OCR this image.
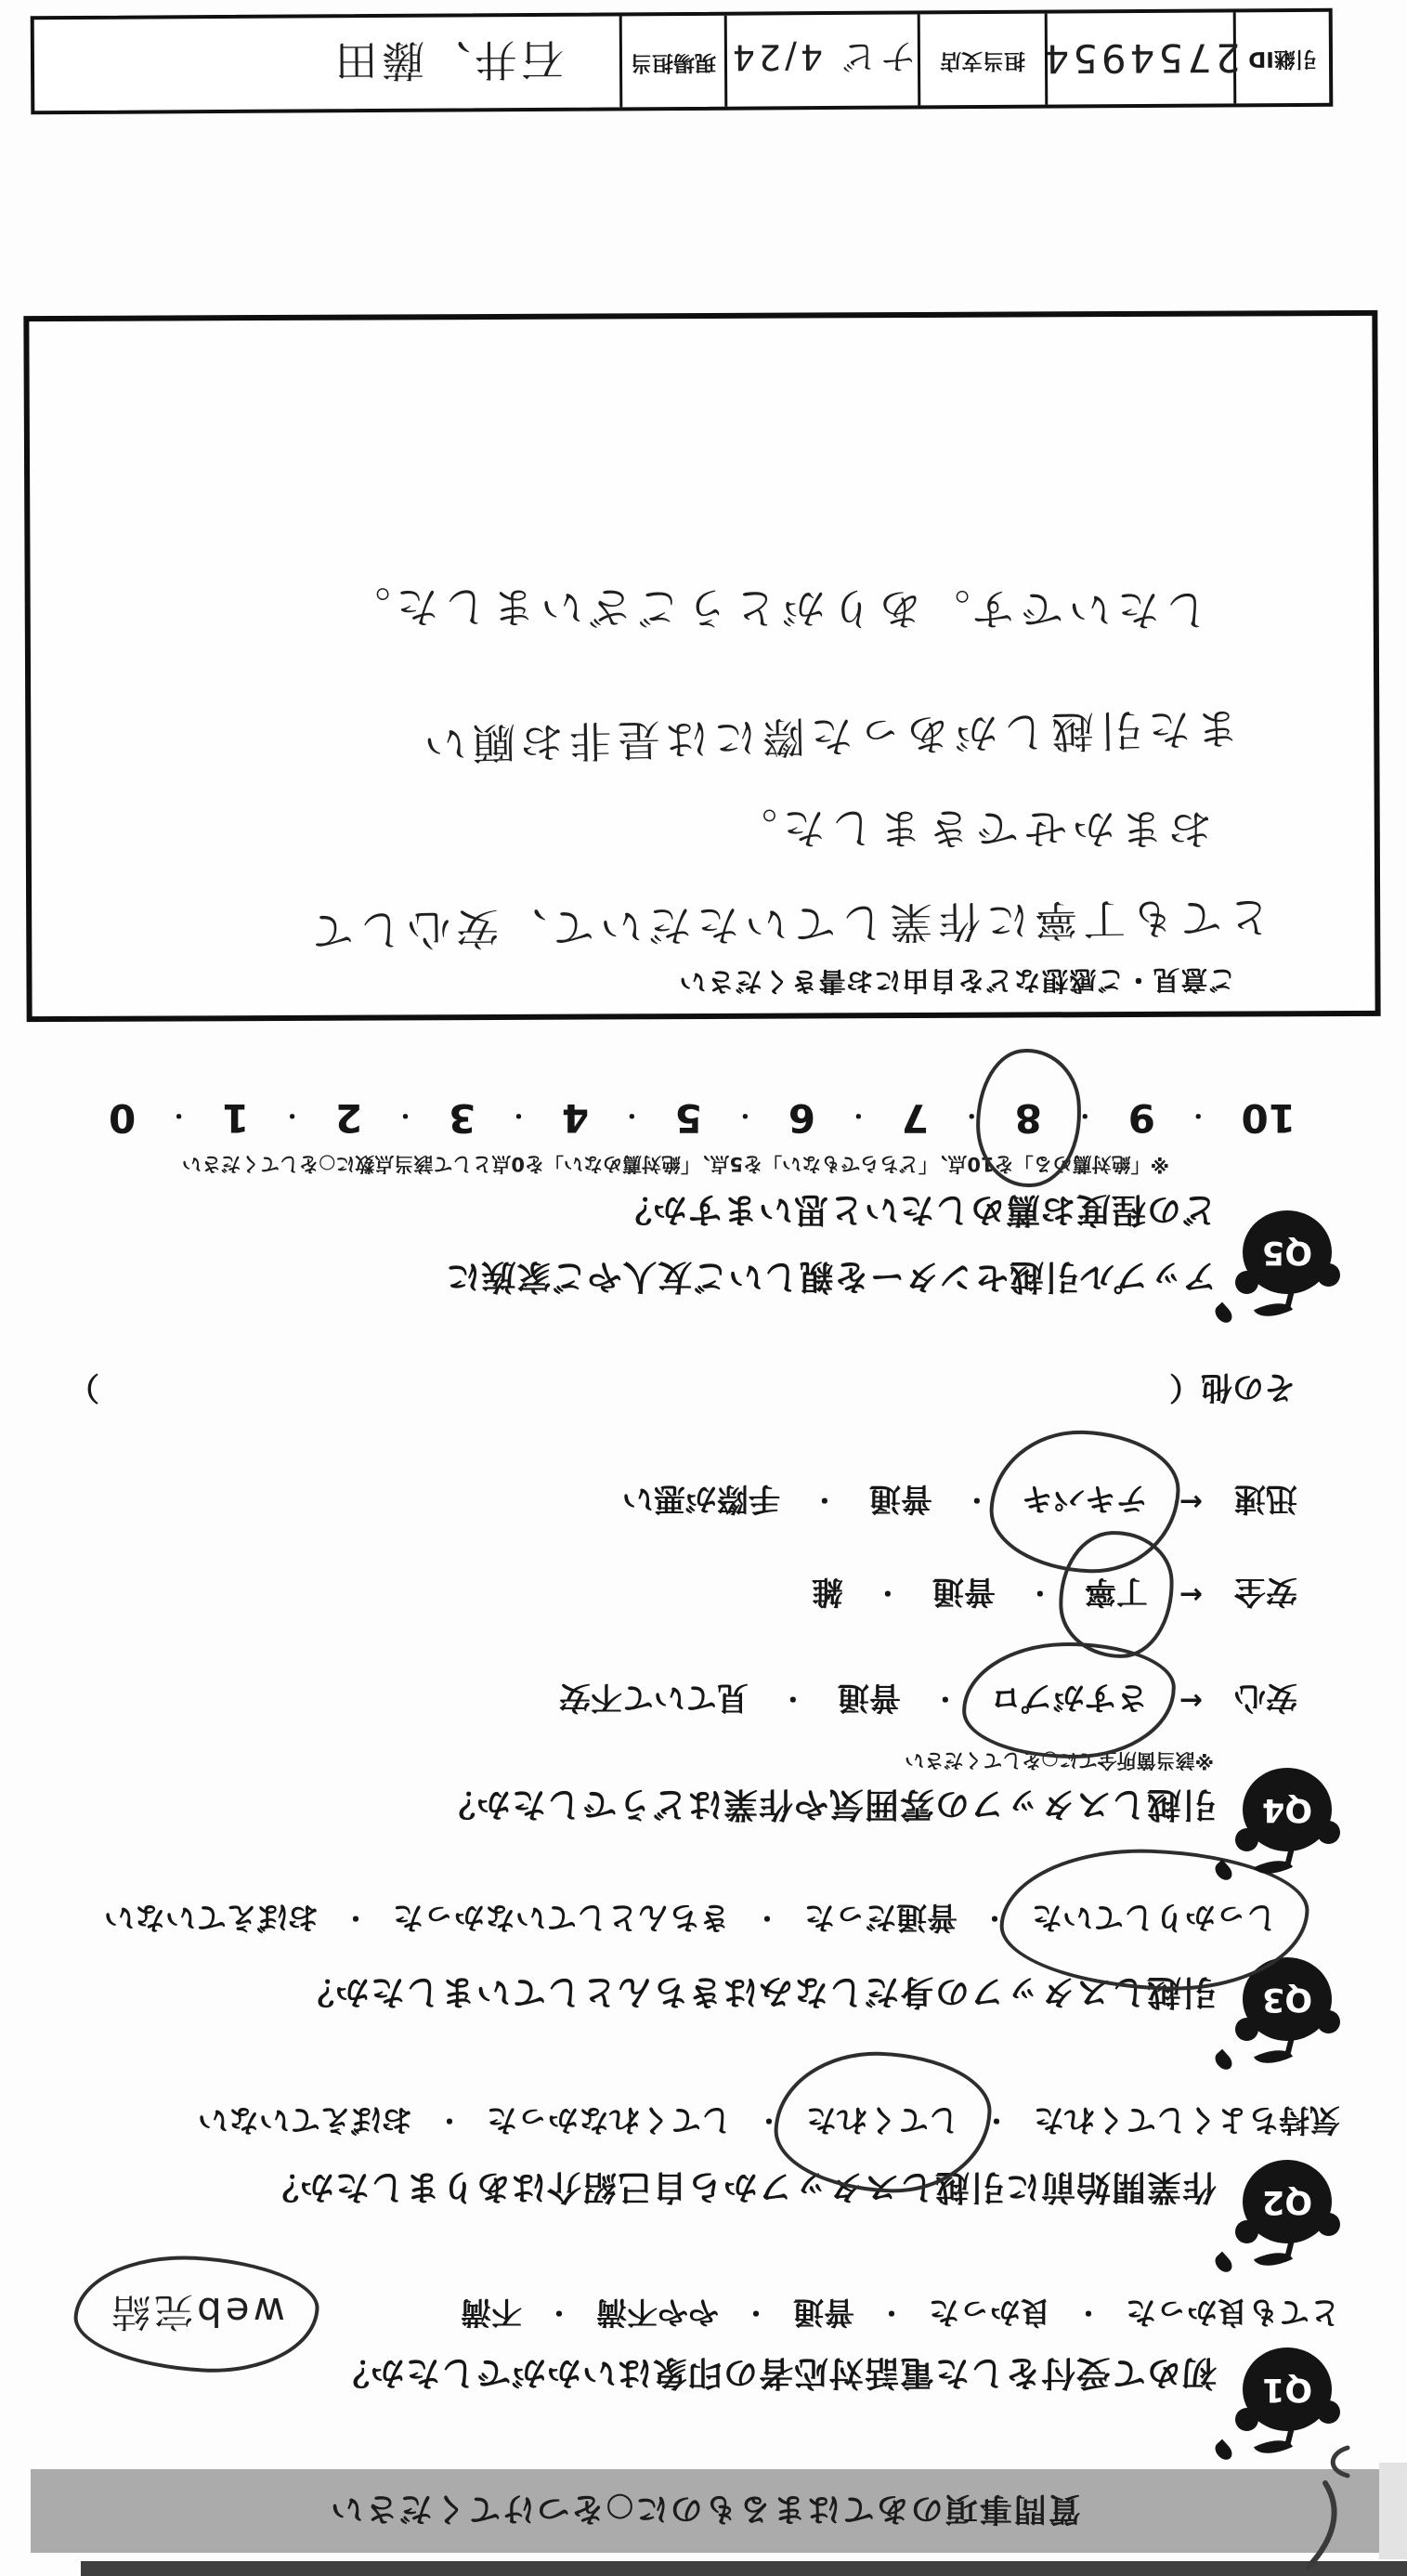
質問事項のあてはまるものに○をつけてください
Q1
初めて受付をした電話対応者の印象はいかがでしたか？
とても良かった
・
良かった
・
普通
・
やや不満
・
不満
web完結
Q2
作業開始前に引越しスタッフから自己紹介はありましたか？
気持ちよくしてくれた
・
してくれた
・
してくれなかった
・
おぼえていない
Q3
引越しスタッフの身だしなみはきちんとしていましたか？
しっかりしていた
・
普通だった
・
きちんとしていなかった
・
おぼえていない
Q4
引越しスタッフの雰囲気や作業はどうでしたか？
※該当箇所全てに○をしてください
安心
←
さすがプロ
・
普通
・
見ていて不安
安全
←
丁寧
・
普通
・
雑
迅速
←
テキパキ
・
普通
・
手際が悪い
その他（
）
Q5
アップル引越センターを親しいご友人やご家族に
どの程度お薦めしたいと思いますか？
※「絶対薦める」を10点、「どちらでもない」を5点、「絶対薦めない」を0点として該当点数に○をしてください
10
・
9
・
8
・
7
・
6
・
5
・
4
・
3
・
2
・
1
・
0
ご意見・ご感想などを自由にお書きください
とても丁寧に作業していただいて、安心して
おまかせできました。
また引越しがあった際には是非お願い
したいです。ありがとうございました。
引継ID
2754954
担当支店
ナビ 4/24
現場担当
石井、藤田
